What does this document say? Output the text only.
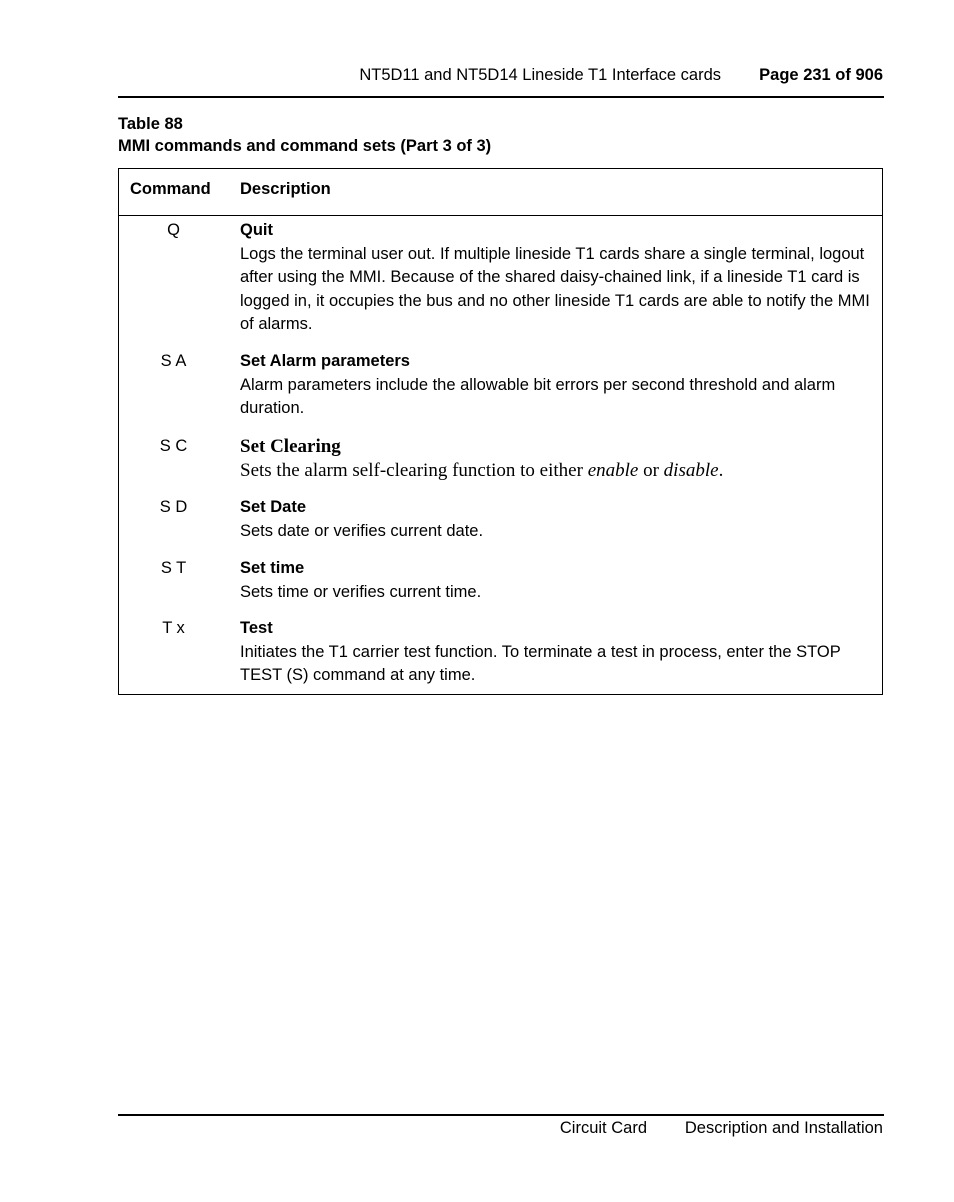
NT5D11 and NT5D14 Lineside T1 Interface cards Page 231 of 906
Table 88
MMI commands and command sets (Part 3 of 3)
Command Description
Q	Quit
Logs the terminal user out. If multiple lineside T1 cards share a single terminal, logout after using the MMI. Because of the shared daisy-chained link, if a lineside T1 card is logged in, it occupies the bus and no other lineside T1 cards are able to notify the MMI of alarms.
S A	Set Alarm parameters
Alarm parameters include the allowable bit errors per second threshold and alarm duration.
S C	Set Clearing
Sets the alarm self-clearing function to either enable or disable.
S D	Set Date
Sets date or verifies current date.
S T	Set time
Sets time or verifies current time.
T x	Test
Initiates the T1 carrier test function. To terminate a test in process, enter the STOP TEST (S) command at any time.
Circuit Card Description and Installation
